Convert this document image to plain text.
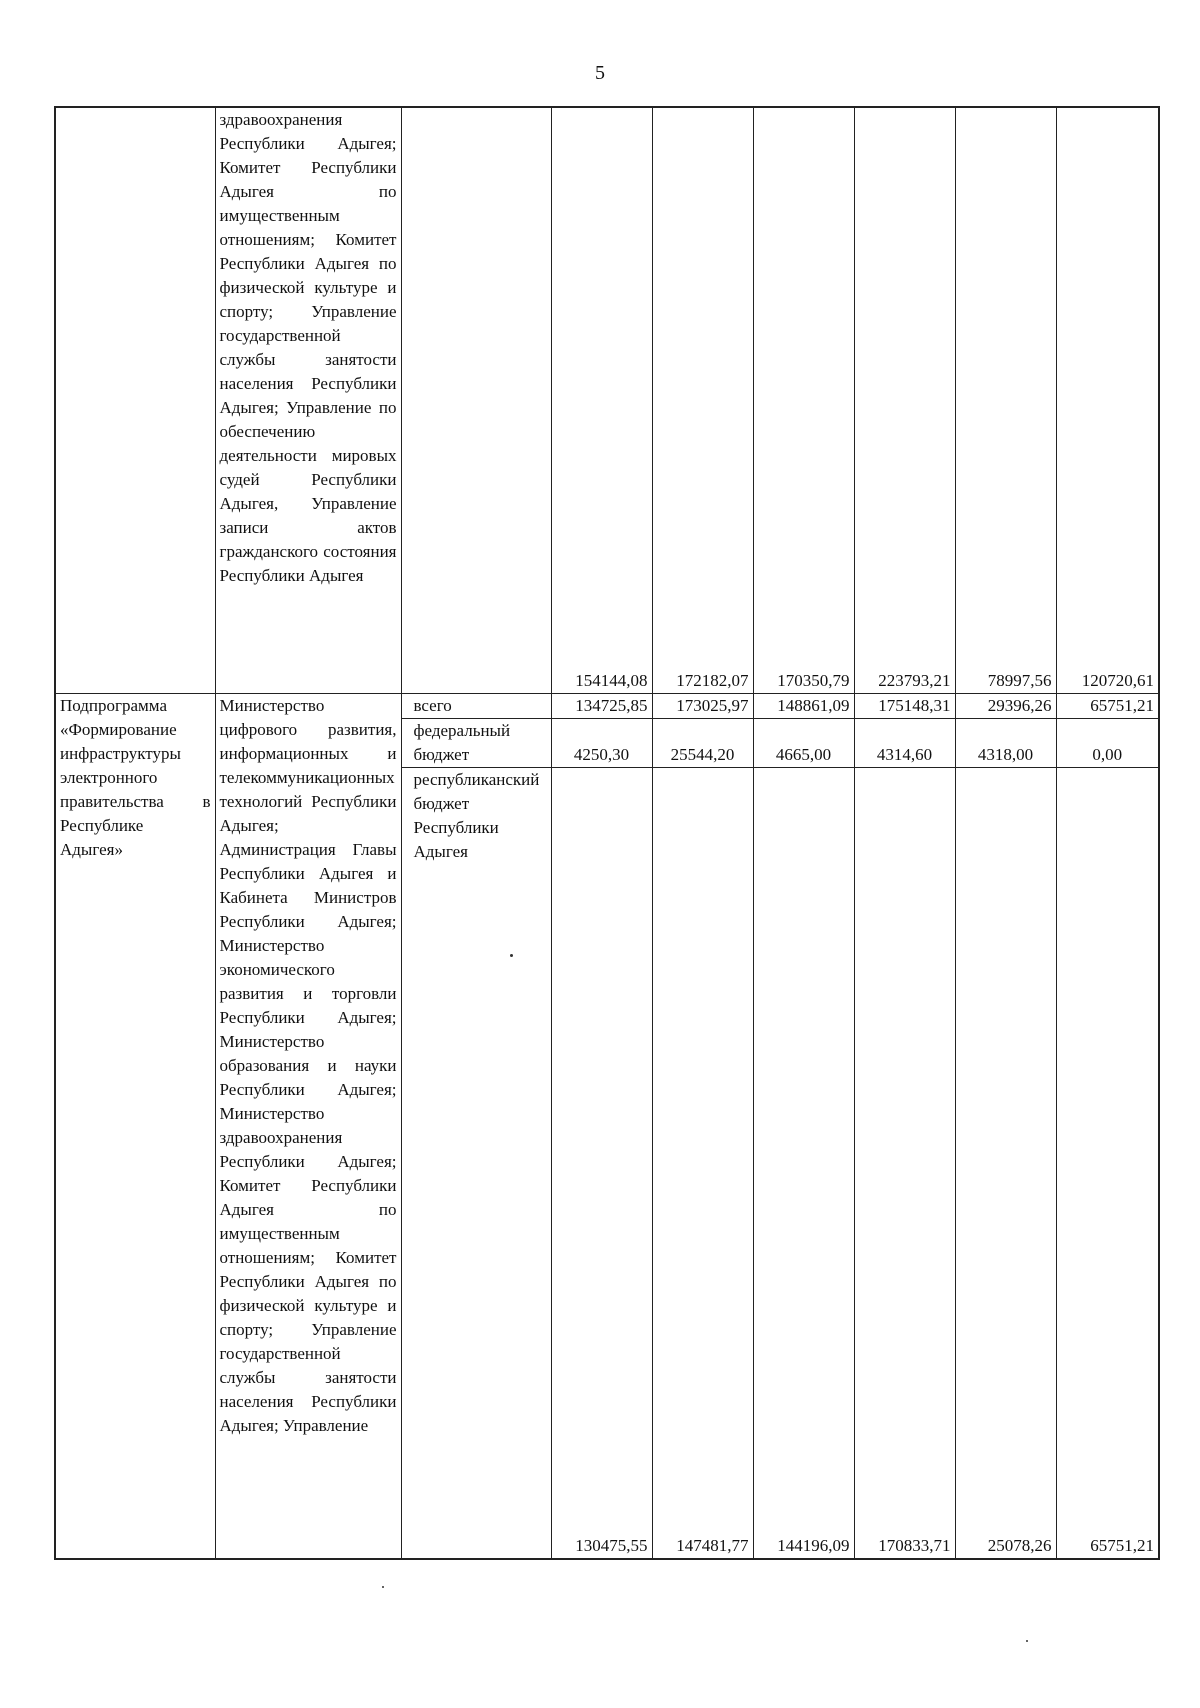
5
	здравоохранения Республики Адыгея; Комитет Республики Адыгея по имущественным отношениям; Комитет Республики Адыгея по физической культуре и спорту; Управление государственной службы занятости населения Республики Адыгея; Управление по обеспечению деятельности мировых судей Республики Адыгея, Управление записи актов гражданского состояния Республики Адыгея		154144,08	172182,07	170350,79	223793,21	78997,56	120720,61
Подпрограмма «Формирование инфраструктуры электронного правительства в Республике Адыгея»	Министерство цифрового развития, информационных и телекоммуникационных технологий Республики Адыгея; Администрация Главы Республики Адыгея и Кабинета Министров Республики Адыгея; Министерство экономического развития и торговли Республики Адыгея; Министерство образования и науки Республики Адыгея; Министерство здравоохранения Республики Адыгея; Комитет Республики Адыгея по имущественным отношениям; Комитет Республики Адыгея по физической культуре и спорту; Управление государственной службы занятости населения Республики Адыгея; Управление	всего	134725,85	173025,97	148861,09	175148,31	29396,26	65751,21
		федеральный бюджет	4250,30	25544,20	4665,00	4314,60	4318,00	0,00
		республиканский бюджет Республики Адыгея	130475,55	147481,77	144196,09	170833,71	25078,26	65751,21
